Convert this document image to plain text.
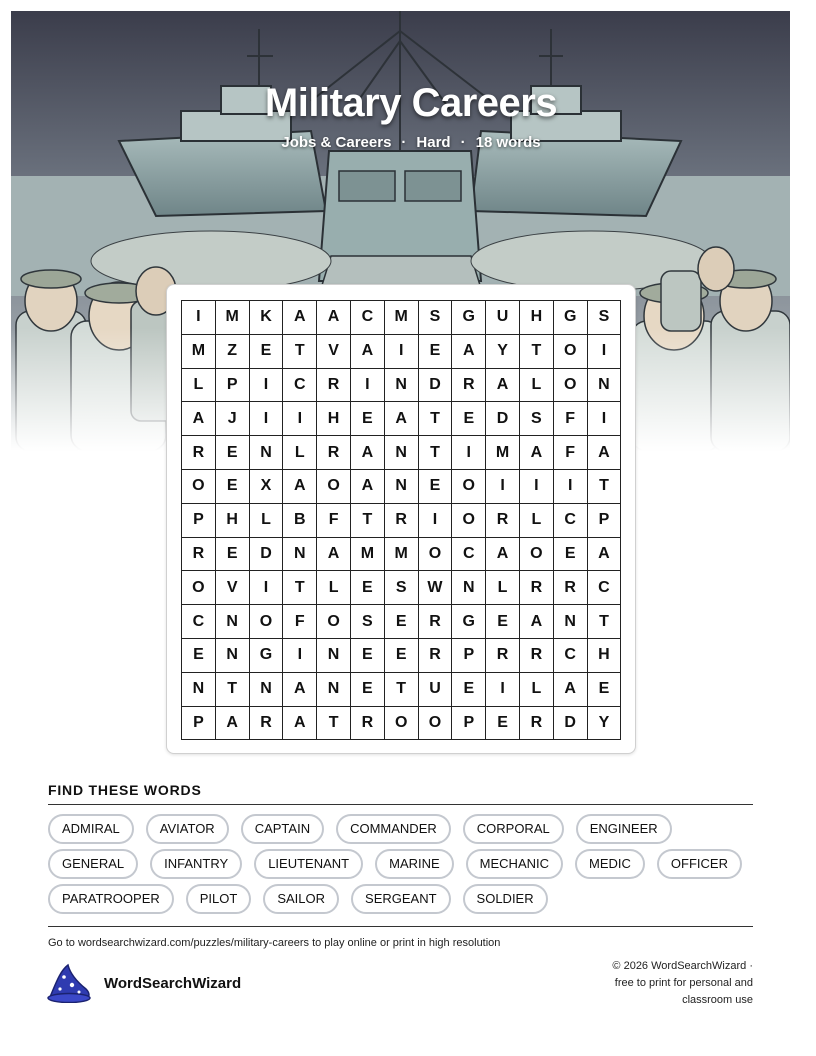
Military Careers
Jobs & Careers · Hard · 18 words
I	M	K	A	A	C	M	S	G	U	H	G	S
M	Z	E	T	V	A	I	E	A	Y	T	O	I
L	P	I	C	R	I	N	D	R	A	L	O	N
A	J	I	I	H	E	A	T	E	D	S	F	I
R	E	N	L	R	A	N	T	I	M	A	F	A
O	E	X	A	O	A	N	E	O	I	I	I	T
P	H	L	B	F	T	R	I	O	R	L	C	P
R	E	D	N	A	M	M	O	C	A	O	E	A
O	V	I	T	L	E	S	W	N	L	R	R	C
C	N	O	F	O	S	E	R	G	E	A	N	T
E	N	G	I	N	E	E	R	P	R	R	C	H
N	T	N	A	N	E	T	U	E	I	L	A	E
P	A	R	A	T	R	O	O	P	E	R	D	Y
FIND THESE WORDS
ADMIRAL	AVIATOR	CAPTAIN	COMMANDER	CORPORAL	ENGINEER
GENERAL	INFANTRY	LIEUTENANT	MARINE	MECHANIC	MEDIC	OFFICER
PARATROOPER	PILOT	SAILOR	SERGEANT	SOLDIER
Go to wordsearchwizard.com/puzzles/military-careers to play online or print in high resolution
WordSearchWizard
© 2026 WordSearchWizard ·
free to print for personal and
classroom use
